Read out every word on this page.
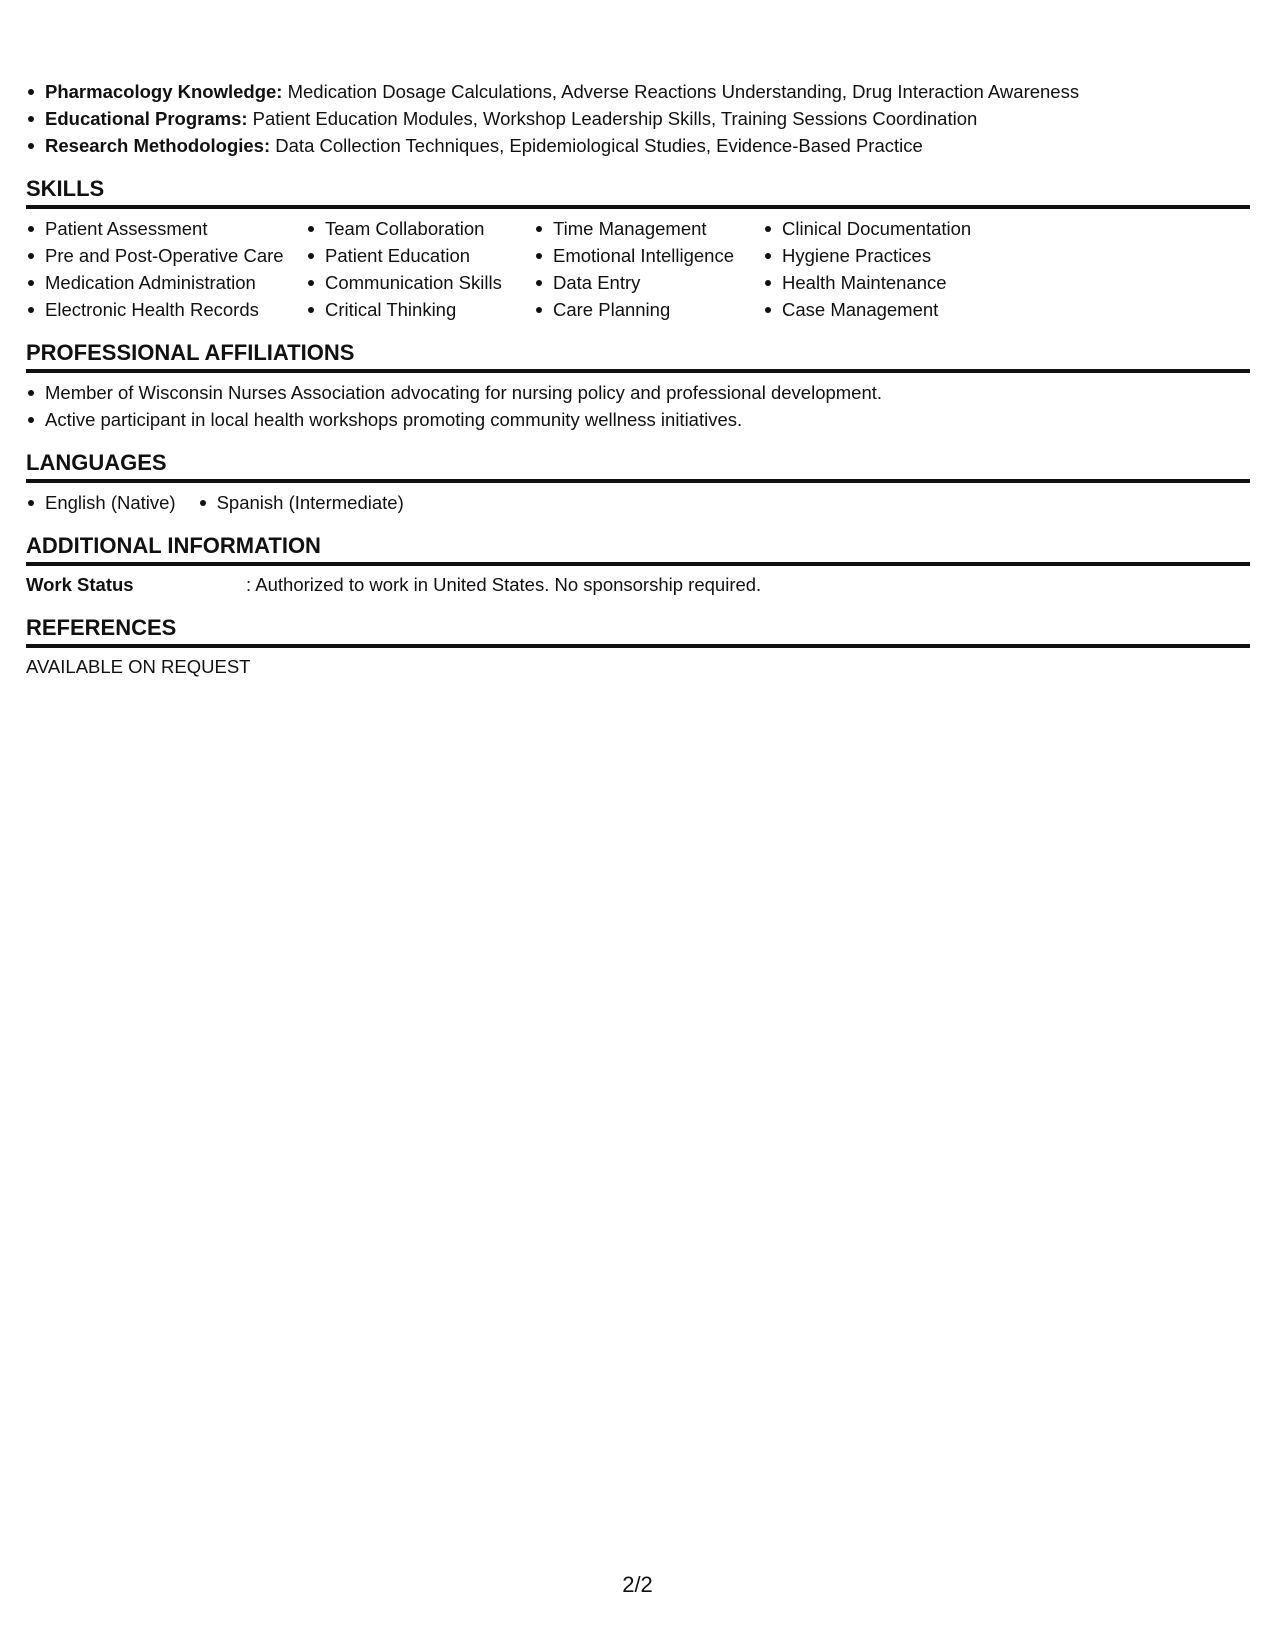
Pharmacology Knowledge: Medication Dosage Calculations, Adverse Reactions Understanding, Drug Interaction Awareness
Educational Programs: Patient Education Modules, Workshop Leadership Skills, Training Sessions Coordination
Research Methodologies: Data Collection Techniques, Epidemiological Studies, Evidence-Based Practice
SKILLS
Patient Assessment
Pre and Post-Operative Care
Medication Administration
Electronic Health Records
Team Collaboration
Patient Education
Communication Skills
Critical Thinking
Time Management
Emotional Intelligence
Data Entry
Care Planning
Clinical Documentation
Hygiene Practices
Health Maintenance
Case Management
PROFESSIONAL AFFILIATIONS
Member of Wisconsin Nurses Association advocating for nursing policy and professional development.
Active participant in local health workshops promoting community wellness initiatives.
LANGUAGES
English (Native)	Spanish (Intermediate)
ADDITIONAL INFORMATION
Work Status	: Authorized to work in United States. No sponsorship required.
REFERENCES
AVAILABLE ON REQUEST
2/2
